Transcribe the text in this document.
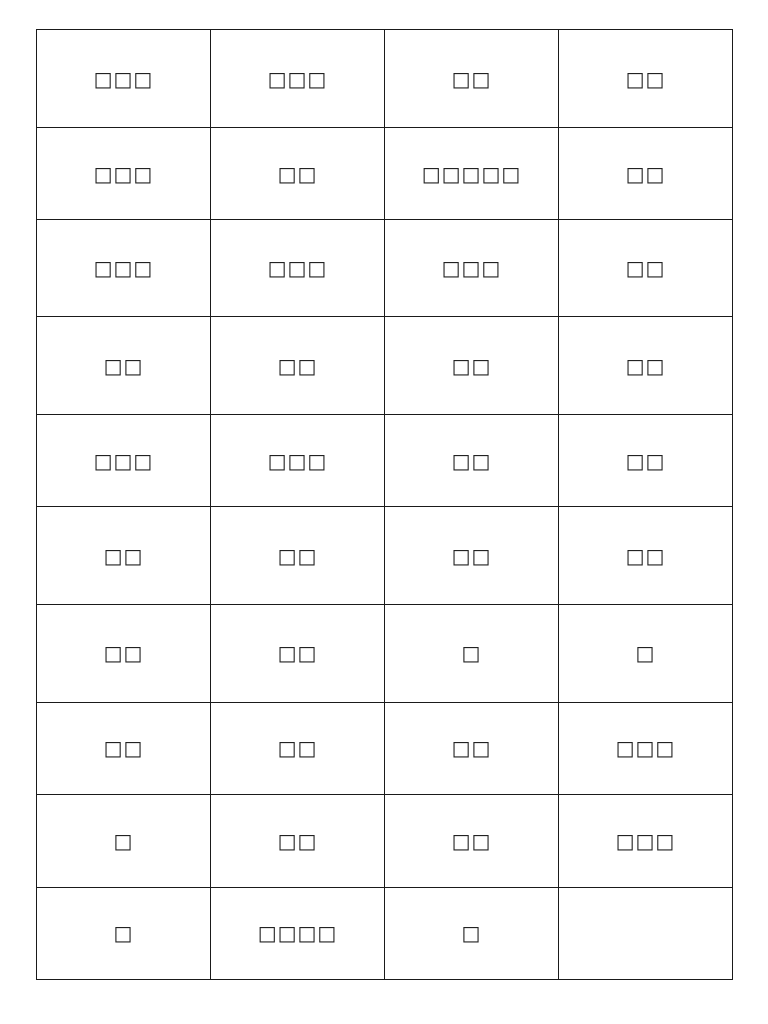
□□□	□□□	□□	□□
□□□	□□	□□□□□	□□
□□□	□□□	□□□	□□
□□	□□	□□	□□
□□□	□□□	□□	□□
□□	□□	□□	□□
□□	□□	□	□
□□	□□	□□	□□□
□	□□	□□	□□□
□	□□□□	□	
